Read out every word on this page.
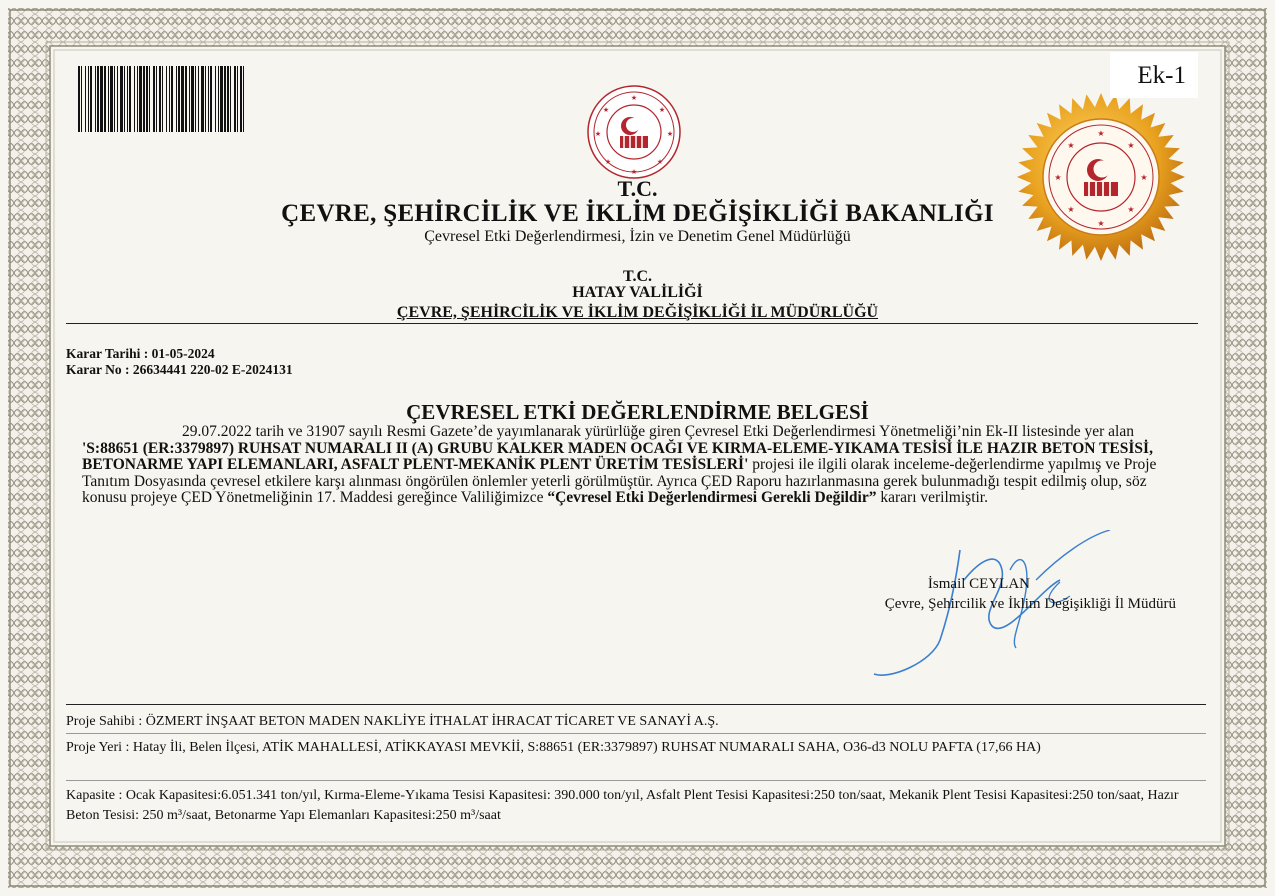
★
★
★
★
★
★
★
★
★
★
★
★
★
★
★
★
Ek-1
T.C.
ÇEVRE, ŞEHİRCİLİK VE İKLİM DEĞİŞİKLİĞİ BAKANLIĞI
Çevresel Etki Değerlendirmesi, İzin ve Denetim Genel Müdürlüğü
T.C.
HATAY VALİLİĞİ
ÇEVRE, ŞEHİRCİLİK VE İKLİM DEĞİŞİKLİĞİ İL MÜDÜRLÜĞÜ
Karar Tarihi : 01-05-2024
Karar No : 26634441 220-02 E-2024131
ÇEVRESEL ETKİ DEĞERLENDİRME BELGESİ
29.07.2022 tarih ve 31907 sayılı Resmi Gazete’de yayımlanarak yürürlüğe giren Çevresel Etki Değerlendirmesi Yönetmeliği’nin Ek-II listesinde yer alan 'S:88651 (ER:3379897) RUHSAT NUMARALI II (A) GRUBU KALKER MADEN OCAĞI VE KIRMA-ELEME-YIKAMA TESİSİ İLE HAZIR BETON TESİSİ, BETONARME YAPI ELEMANLARI, ASFALT PLENT-MEKANİK PLENT ÜRETİM TESİSLERİ' projesi ile ilgili olarak inceleme-değerlendirme yapılmış ve Proje Tanıtım Dosyasında çevresel etkilere karşı alınması öngörülen önlemler yeterli görülmüştür. Ayrıca ÇED Raporu hazırlanmasına gerek bulunmadığı tespit edilmiş olup, söz konusu projeye ÇED Yönetmeliğinin 17. Maddesi gereğince Valiliğimizce “Çevresel Etki Değerlendirmesi Gerekli Değildir” kararı verilmiştir.
İsmail CEYLAN
Çevre, Şehircilik ve İklim Değişikliği İl Müdürü
Proje Sahibi : ÖZMERT İNŞAAT BETON MADEN NAKLİYE İTHALAT İHRACAT TİCARET VE SANAYİ A.Ş.
Proje Yeri : Hatay İli, Belen İlçesi, ATİK MAHALLESİ, ATİKKAYASI MEVKİİ, S:88651 (ER:3379897) RUHSAT NUMARALI SAHA, O36-d3 NOLU PAFTA (17,66 HA)
Kapasite : Ocak Kapasitesi:6.051.341 ton/yıl, Kırma-Eleme-Yıkama Tesisi Kapasitesi: 390.000 ton/yıl, Asfalt Plent Tesisi Kapasitesi:250 ton/saat, Mekanik Plent Tesisi Kapasitesi:250 ton/saat, Hazır Beton Tesisi: 250 m³/saat, Betonarme Yapı Elemanları Kapasitesi:250 m³/saat
